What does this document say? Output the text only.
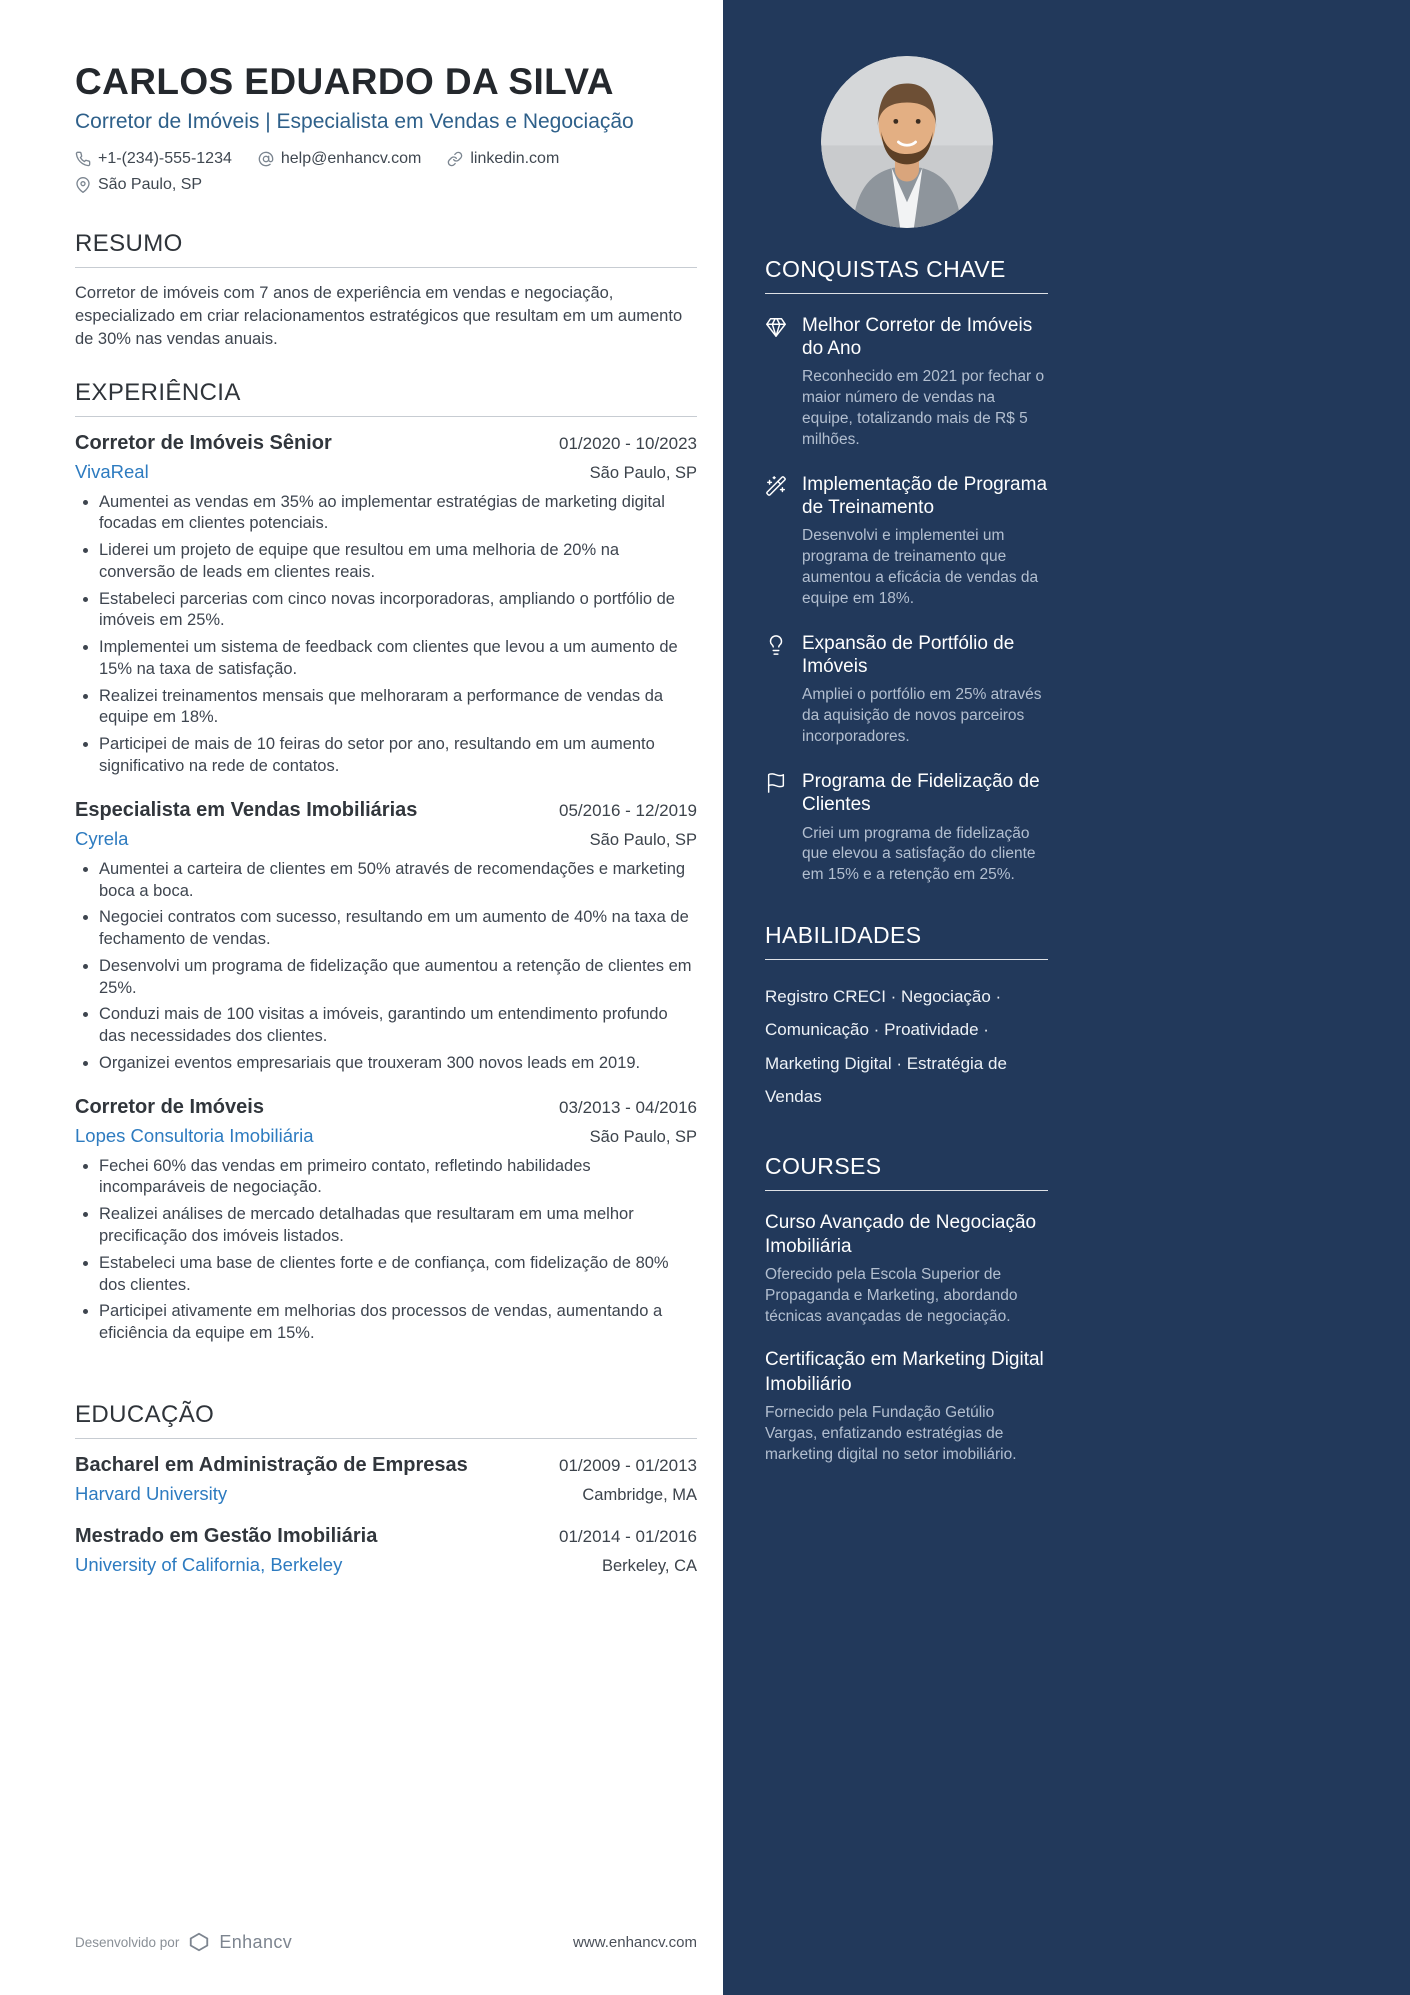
CARLOS EDUARDO DA SILVA
Corretor de Imóveis | Especialista em Vendas e Negociação
+1-(234)-555-1234	help@enhancv.com	linkedin.com
São Paulo, SP
RESUMO

Corretor de imóveis com 7 anos de experiência em vendas e negociação, especializado em criar relacionamentos estratégicos que resultam em um aumento de 30% nas vendas anuais.

EXPERIÊNCIA
Corretor de Imóveis Sênior	01/2020 - 10/2023
VivaReal	São Paulo, SP
• Aumentei as vendas em 35% ao implementar estratégias de marketing digital focadas em clientes potenciais.
• Liderei um projeto de equipe que resultou em uma melhoria de 20% na conversão de leads em clientes reais.
• Estabeleci parcerias com cinco novas incorporadoras, ampliando o portfólio de imóveis em 25%.
• Implementei um sistema de feedback com clientes que levou a um aumento de 15% na taxa de satisfação.
• Realizei treinamentos mensais que melhoraram a performance de vendas da equipe em 18%.
• Participei de mais de 10 feiras do setor por ano, resultando em um aumento significativo na rede de contatos.
Especialista em Vendas Imobiliárias	05/2016 - 12/2019
Cyrela	São Paulo, SP
• Aumentei a carteira de clientes em 50% através de recomendações e marketing boca a boca.
• Negociei contratos com sucesso, resultando em um aumento de 40% na taxa de fechamento de vendas.
• Desenvolvi um programa de fidelização que aumentou a retenção de clientes em 25%.
• Conduzi mais de 100 visitas a imóveis, garantindo um entendimento profundo das necessidades dos clientes.
• Organizei eventos empresariais que trouxeram 300 novos leads em 2019.
Corretor de Imóveis	03/2013 - 04/2016
Lopes Consultoria Imobiliária	São Paulo, SP
• Fechei 60% das vendas em primeiro contato, refletindo habilidades incomparáveis de negociação.
• Realizei análises de mercado detalhadas que resultaram em uma melhor precificação dos imóveis listados.
• Estabeleci uma base de clientes forte e de confiança, com fidelização de 80% dos clientes.
• Participei ativamente em melhorias dos processos de vendas, aumentando a eficiência da equipe em 15%.
EDUCAÇÃO
Bacharel em Administração de Empresas	01/2009 - 01/2013
Harvard University	Cambridge, MA
Mestrado em Gestão Imobiliária	01/2014 - 01/2016
University of California, Berkeley	Berkeley, CA
Desenvolvido por Enhancv	www.enhancv.com
CONQUISTAS CHAVE
Melhor Corretor de Imóveis do Ano

Reconhecido em 2021 por fechar o maior número de vendas na equipe, totalizando mais de R$ 5 milhões.

Implementação de Programa de Treinamento

Desenvolvi e implementei um programa de treinamento que aumentou a eficácia de vendas da equipe em 18%.

Expansão de Portfólio de Imóveis

Ampliei o portfólio em 25% através da aquisição de novos parceiros incorporadores.

Programa de Fidelização de Clientes

Criei um programa de fidelização que elevou a satisfação do cliente em 15% e a retenção em 25%.

HABILIDADES
Registro CRECI · Negociação · Comunicação · Proatividade · Marketing Digital · Estratégia de Vendas
COURSES
Curso Avançado de Negociação Imobiliária

Oferecido pela Escola Superior de Propaganda e Marketing, abordando técnicas avançadas de negociação.

Certificação em Marketing Digital Imobiliário

Fornecido pela Fundação Getúlio Vargas, enfatizando estratégias de marketing digital no setor imobiliário.
